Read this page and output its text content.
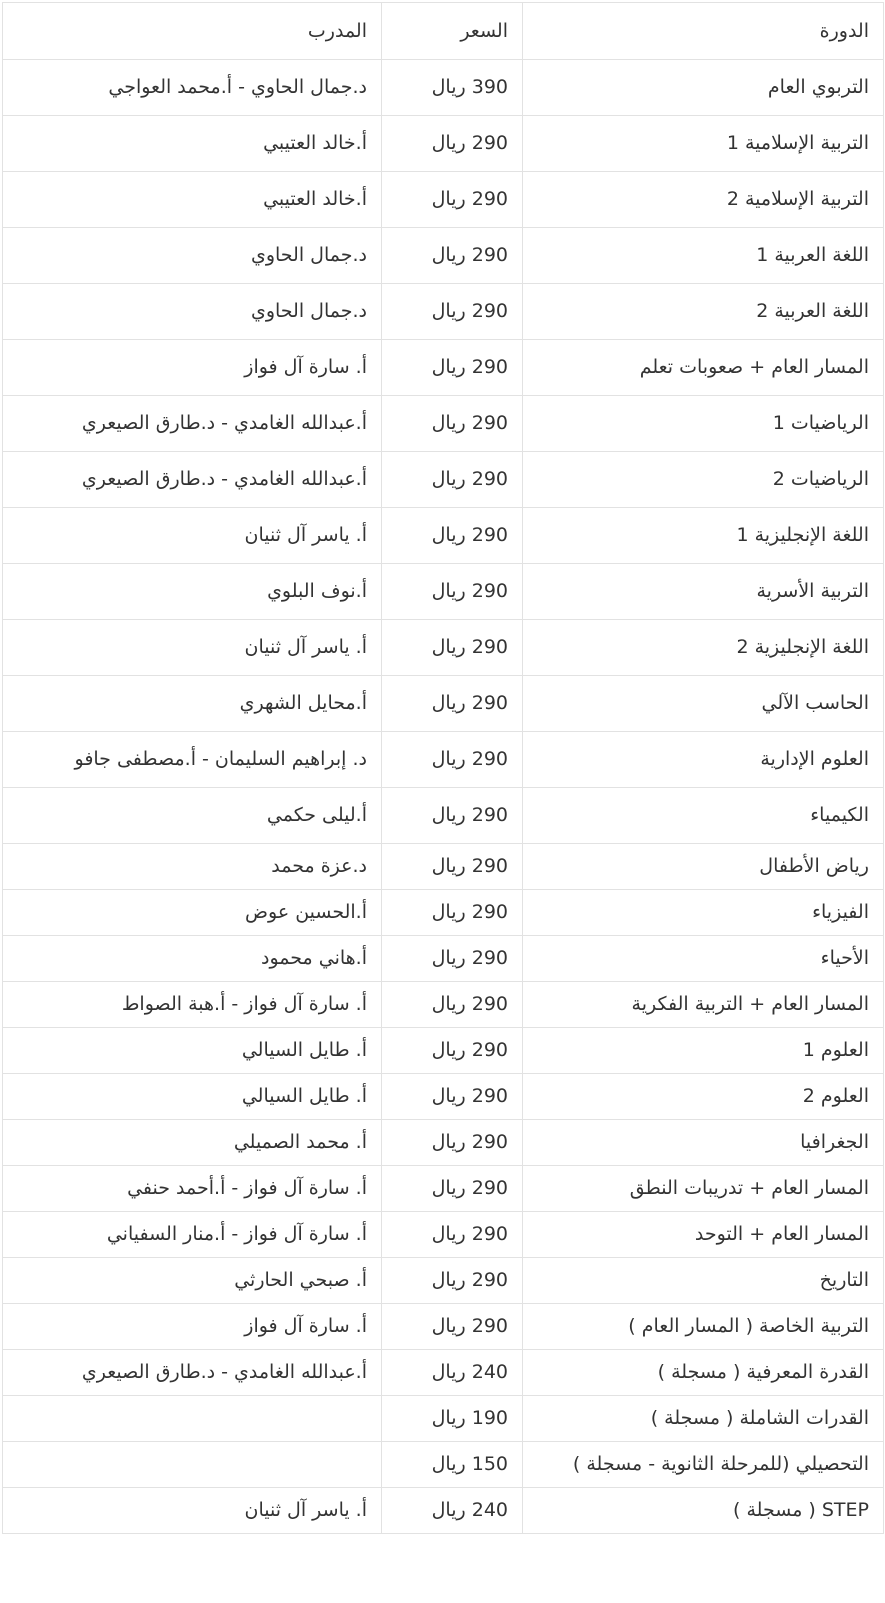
الدورة	السعر	المدرب
التربوي العام	390 ريال	د.جمال الحاوي - أ.محمد العواجي
التربية الإسلامية 1	290 ريال	أ.خالد العتيبي
التربية الإسلامية 2	290 ريال	أ.خالد العتيبي
اللغة العربية 1	290 ريال	د.جمال الحاوي
اللغة العربية 2	290 ريال	د.جمال الحاوي
المسار العام + صعوبات تعلم	290 ريال	أ. سارة آل فواز
الرياضيات 1	290 ريال	أ.عبدالله الغامدي - د.طارق الصيعري
الرياضيات 2	290 ريال	أ.عبدالله الغامدي - د.طارق الصيعري
اللغة الإنجليزية 1	290 ريال	أ. ياسر آل ثنيان
التربية الأسرية	290 ريال	أ.نوف البلوي
اللغة الإنجليزية 2	290 ريال	أ. ياسر آل ثنيان
الحاسب الآلي	290 ريال	أ.محايل الشهري
العلوم الإدارية	290 ريال	د. إبراهيم السليمان - أ.مصطفى جافو
الكيمياء	290 ريال	أ.ليلى حكمي
رياض الأطفال	290 ريال	د.عزة محمد
الفيزياء	290 ريال	أ.الحسين عوض
الأحياء	290 ريال	أ.هاني محمود
المسار العام + التربية الفكرية	290 ريال	أ. سارة آل فواز - أ.هبة الصواط
العلوم 1	290 ريال	أ. طايل السيالي
العلوم 2	290 ريال	أ. طايل السيالي
الجغرافيا	290 ريال	أ. محمد الصميلي
المسار العام + تدريبات النطق	290 ريال	أ. سارة آل فواز - أ.أحمد حنفي
المسار العام + التوحد	290 ريال	أ. سارة آل فواز - أ.منار السفياني
التاريخ	290 ريال	أ. صبحي الحارثي
التربية الخاصة ( المسار العام )	290 ريال	أ. سارة آل فواز
القدرة المعرفية ( مسجلة )	240 ريال	أ.عبدالله الغامدي - د.طارق الصيعري
القدرات الشاملة ( مسجلة )	190 ريال	
التحصيلي (للمرحلة الثانوية - مسجلة )	150 ريال	
STEP ( مسجلة )	240 ريال	أ. ياسر آل ثنيان
